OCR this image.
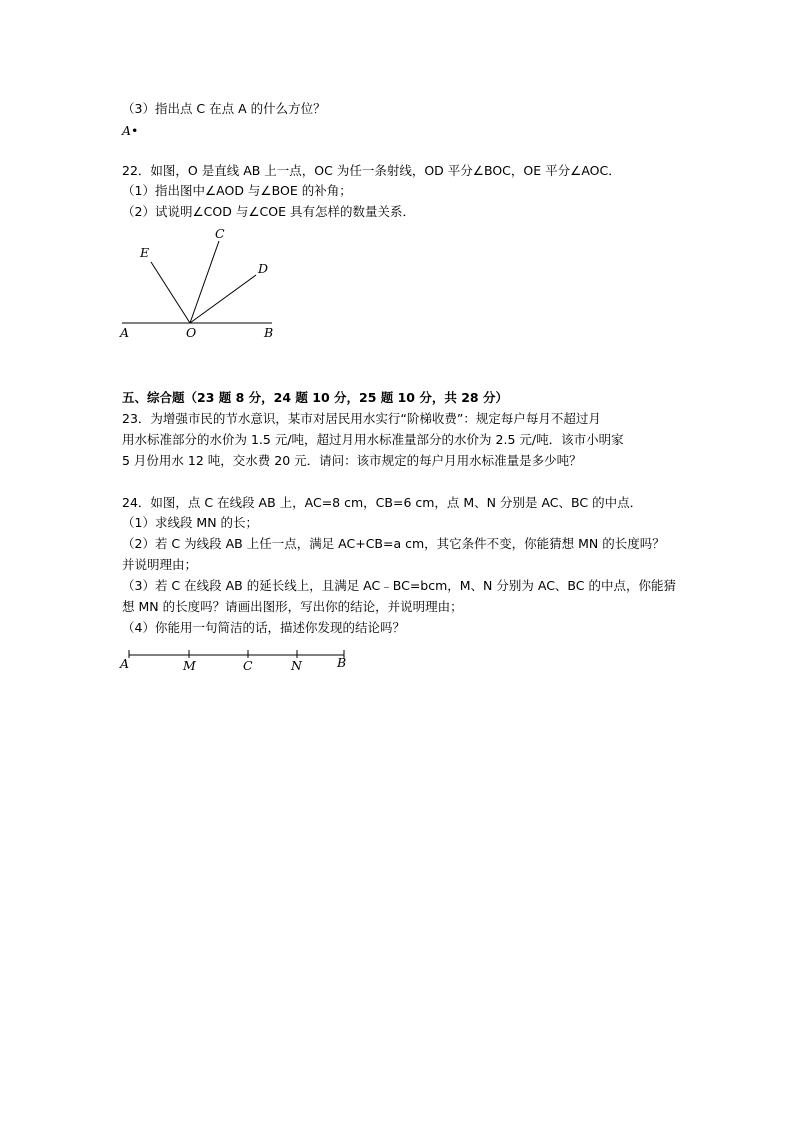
（3）指出点 C 在点 A 的什么方位？
A•
22．如图，O 是直线 AB 上一点，OC 为任一条射线，OD 平分∠BOC，OE 平分∠AOC．
（1）指出图中∠AOD 与∠BOE 的补角；
（2）试说明∠COD 与∠COE 具有怎样的数量关系．
E
C
D
A	O	B
五、综合题（23 题 8 分，24 题 10 分，25 题 10 分，共 28 分）
23．为增强市民的节水意识，某市对居民用水实行“阶梯收费”：规定每户每月不超过月
用水标准部分的水价为 1.5 元/吨，超过月用水标准量部分的水价为 2.5 元/吨．该市小明家
5 月份用水 12 吨，交水费 20 元．请问：该市规定的每户月用水标准量是多少吨？
24．如图，点 C 在线段 AB 上，AC=8 cm，CB=6 cm，点 M、N 分别是 AC、BC 的中点．
（1）求线段 MN 的长；
（2）若 C 为线段 AB 上任一点，满足 AC+CB=a cm，其它条件不变，你能猜想 MN 的长度吗？
并说明理由；
（3）若 C 在线段 AB 的延长线上，且满足 AC﹣BC=bcm，M、N 分别为 AC、BC 的中点，你能猜
想 MN 的长度吗？请画出图形，写出你的结论，并说明理由；
（4）你能用一句简洁的话，描述你发现的结论吗？
A	M	C	N	B
